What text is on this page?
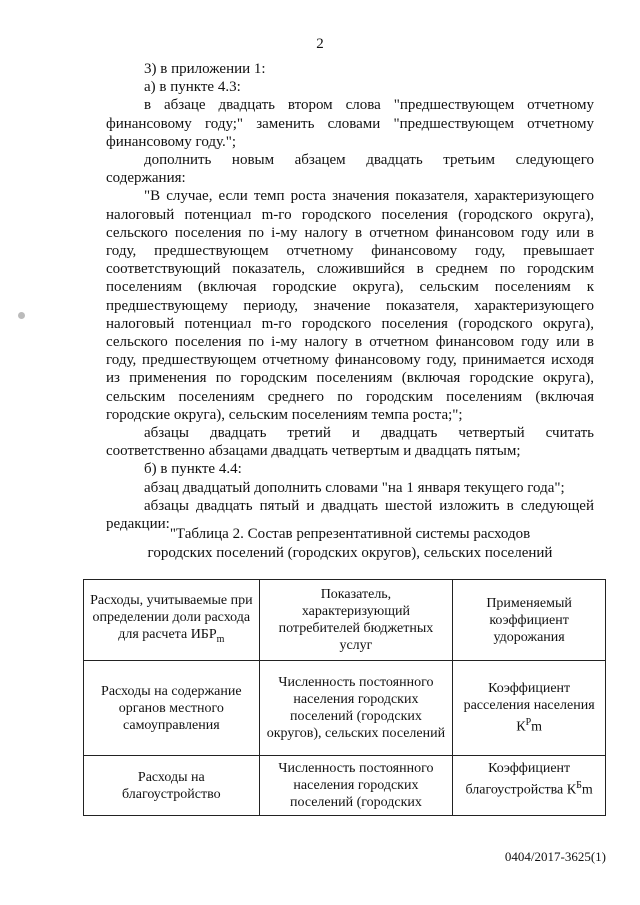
2
3) в приложении 1:
а) в пункте 4.3:
в абзаце двадцать втором слова "предшествующем отчетному
финансовому году;" заменить словами "предшествующем отчетному
финансовому году.";
дополнить новым абзацем двадцать третьим следующего
содержания:
"В случае, если темп роста значения показателя, характеризующего
налоговый потенциал m-го городского поселения (городского округа),
сельского поселения по i-му налогу в отчетном финансовом году или в
году, предшествующем отчетному финансовому году, превышает
соответствующий показатель, сложившийся в среднем по городским
поселениям (включая городские округа), сельским поселениям к
предшествующему периоду, значение показателя, характеризующего
налоговый потенциал m-го городского поселения (городского округа),
сельского поселения по i-му налогу в отчетном финансовом году или в
году, предшествующем отчетному финансовому году, принимается исходя
из применения по городским поселениям (включая городские округа),
сельским поселениям среднего по городским поселениям (включая
городские округа), сельским поселениям темпа роста;";
абзацы двадцать третий и двадцать четвертый считать
соответственно абзацами двадцать четвертым и двадцать пятым;
б) в пункте 4.4:
абзац двадцатый дополнить словами "на 1 января текущего года";
абзацы двадцать пятый и двадцать шестой изложить в следующей
редакции:
"Таблица 2. Состав репрезентативной системы расходов
городских поселений (городских округов), сельских поселений
Расходы, учитываемые при определении доли расхода для расчета $ИБР_m$	Показатель, характеризующий потребителей бюджетных услуг	Применяемый коэффициент удорожания
Расходы на содержание органов местного самоуправления	Численность постоянного населения городских поселений (городских округов), сельских поселений	Коэффициент расселения населения $К^Рm$
Расходы на благоустройство	Численность постоянного населения городских поселений (городских	Коэффициент благоустройства $К^Бm$
0404/2017-3625(1)
